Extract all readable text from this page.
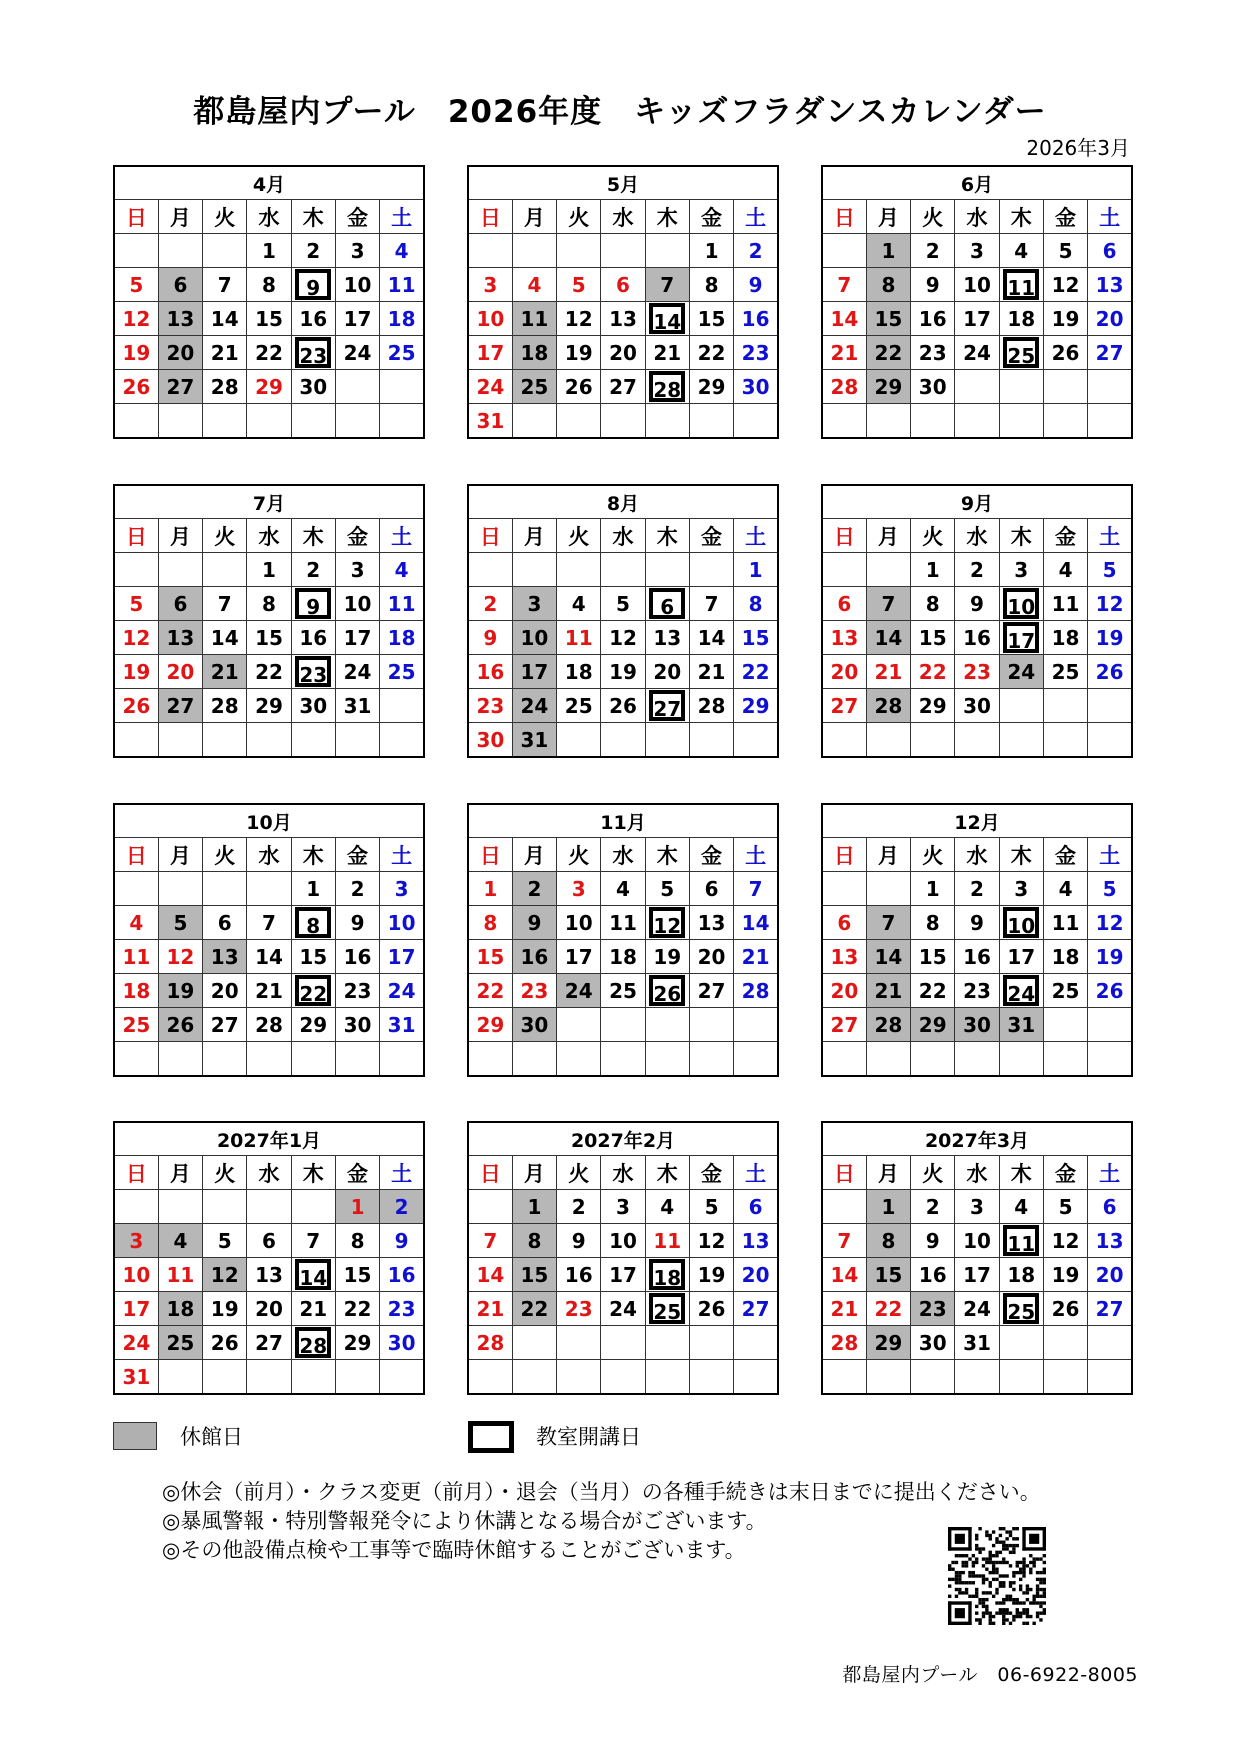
都島屋内プール　2026年度　キッズフラダンスカレンダー
2026年3月
4月						
日	月	火	水	木	金	土
			1	2	3	4
5	6	7	8	9	10	11
12	13	14	15	16	17	18
19	20	21	22	23	24	25
26	27	28	29	30		

5月						
日	月	火	水	木	金	土
					1	2
3	4	5	6	7	8	9
10	11	12	13	14	15	16
17	18	19	20	21	22	23
24	25	26	27	28	29	30
31						
6月						
日	月	火	水	木	金	土
	1	2	3	4	5	6
7	8	9	10	11	12	13
14	15	16	17	18	19	20
21	22	23	24	25	26	27
28	29	30				

7月						
日	月	火	水	木	金	土
			1	2	3	4
5	6	7	8	9	10	11
12	13	14	15	16	17	18
19	20	21	22	23	24	25
26	27	28	29	30	31	

8月						
日	月	火	水	木	金	土
						1
2	3	4	5	6	7	8
9	10	11	12	13	14	15
16	17	18	19	20	21	22
23	24	25	26	27	28	29
30	31					
9月						
日	月	火	水	木	金	土
		1	2	3	4	5
6	7	8	9	10	11	12
13	14	15	16	17	18	19
20	21	22	23	24	25	26
27	28	29	30			

10月						
日	月	火	水	木	金	土
				1	2	3
4	5	6	7	8	9	10
11	12	13	14	15	16	17
18	19	20	21	22	23	24
25	26	27	28	29	30	31

11月						
日	月	火	水	木	金	土
1	2	3	4	5	6	7
8	9	10	11	12	13	14
15	16	17	18	19	20	21
22	23	24	25	26	27	28
29	30					

12月						
日	月	火	水	木	金	土
		1	2	3	4	5
6	7	8	9	10	11	12
13	14	15	16	17	18	19
20	21	22	23	24	25	26
27	28	29	30	31		

2027年1月						
日	月	火	水	木	金	土
					1	2
3	4	5	6	7	8	9
10	11	12	13	14	15	16
17	18	19	20	21	22	23
24	25	26	27	28	29	30
31						
2027年2月						
日	月	火	水	木	金	土
	1	2	3	4	5	6
7	8	9	10	11	12	13
14	15	16	17	18	19	20
21	22	23	24	25	26	27
28						

2027年3月						
日	月	火	水	木	金	土
	1	2	3	4	5	6
7	8	9	10	11	12	13
14	15	16	17	18	19	20
21	22	23	24	25	26	27
28	29	30	31			

休館日	教室開講日
◎休会（前月）・クラス変更（前月）・退会（当月）の各種手続きは末日までに提出ください。
◎暴風警報・特別警報発令により休講となる場合がございます。
◎その他設備点検や工事等で臨時休館することがございます。
都島屋内プール　06-6922-8005
